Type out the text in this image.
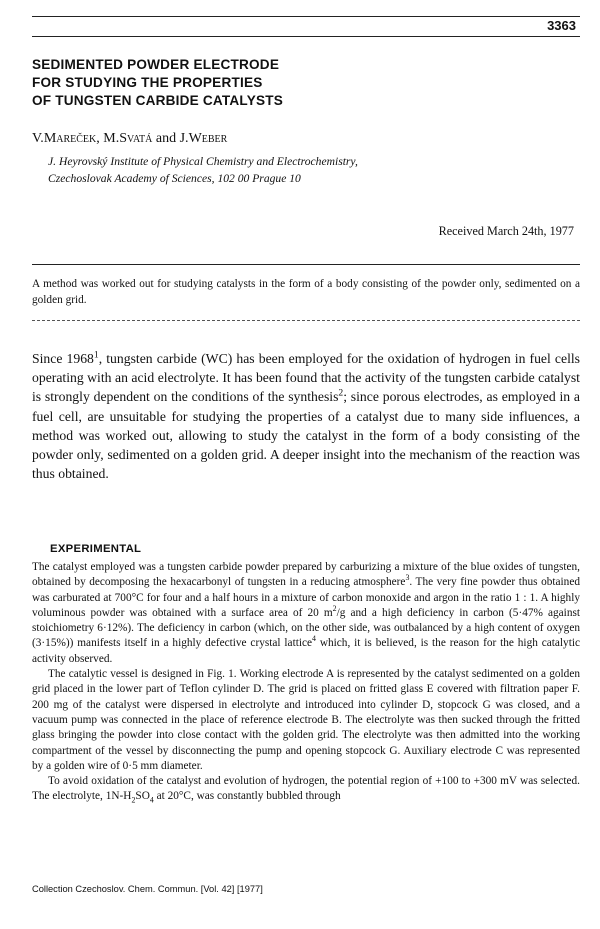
3363
SEDIMENTED POWDER ELECTRODE
FOR STUDYING THE PROPERTIES
OF TUNGSTEN CARBIDE CATALYSTS
V.Mareček, M.Svatá and J.Weber
J. Heyrovský Institute of Physical Chemistry and Electrochemistry,
Czechoslovak Academy of Sciences, 102 00 Prague 10
Received March 24th, 1977
A method was worked out for studying catalysts in the form of a body consisting of the powder only, sedimented on a golden grid.
Since 1968$^1$, tungsten carbide (WC) has been employed for the oxidation of hydrogen in fuel cells operating with an acid electrolyte. It has been found that the activity of the tungsten carbide catalyst is strongly dependent on the conditions of the synthesis$^2$; since porous electrodes, as employed in a fuel cell, are unsuitable for studying the properties of a catalyst due to many side influences, a method was worked out, allowing to study the catalyst in the form of a body consisting of the powder only, sedimented on a golden grid. A deeper insight into the mechanism of the reaction was thus obtained.
EXPERIMENTAL

The catalyst employed was a tungsten carbide powder prepared by carburizing a mixture of the blue oxides of tungsten, obtained by decomposing the hexacarbonyl of tungsten in a reducing atmosphere$^3$. The very fine powder thus obtained was carburated at 700°C for four and a half hours in a mixture of carbon monoxide and argon in the ratio 1 : 1. A highly voluminous powder was obtained with a surface area of 20 $m^2/g$ and a high deficiency in carbon (5·47% against stoichiometry 6·12%). The deficiency in carbon (which, on the other side, was outbalanced by a high content of oxygen (3·15%)) manifests itself in a highly defective crystal lattice$^4$ which, it is believed, is the reason for the high catalytic activity observed.

The catalytic vessel is designed in Fig. 1. Working electrode A is represented by the catalyst sedimented on a golden grid placed in the lower part of Teflon cylinder D. The grid is placed on fritted glass E covered with filtration paper F. 200 mg of the catalyst were dispersed in electrolyte and introduced into cylinder D, stopcock G was closed, and a vacuum pump was connected in the place of reference electrode B. The electrolyte was then sucked through the fritted glass bringing the powder into close contact with the golden grid. The electrolyte was then admitted into the working compartment of the vessel by disconnecting the pump and opening stopcock G. Auxiliary electrode C was represented by a golden wire of 0·5 mm diameter.

To avoid oxidation of the catalyst and evolution of hydrogen, the potential region of +100 to +300 mV was selected. The electrolyte, $1N-H_2SO_4$ at 20°C, was constantly bubbled through

Collection Czechoslov. Chem. Commun. [Vol. 42] [1977]
